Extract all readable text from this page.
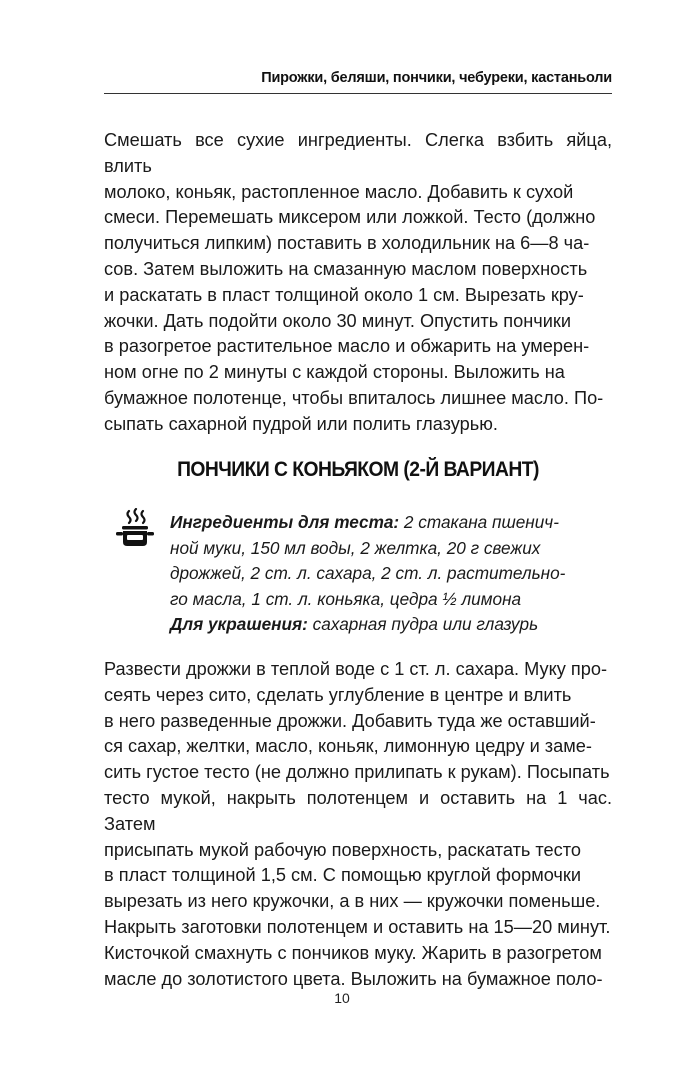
Пирожки, беляши, пончики, чебуреки, кастаньоли

Смешать все сухие ингредиенты. Слегка взбить яйца, влить

молоко, коньяк, растопленное масло. Добавить к сухой

смеси. Перемешать миксером или ложкой. Тесто (должно

получиться липким) поставить в холодильник на 6—8 ча-

сов. Затем выложить на смазанную маслом поверхность

и раскатать в пласт толщиной около 1 см. Вырезать кру-

жочки. Дать подойти около 30 минут. Опустить пончики

в разогретое растительное масло и обжарить на умерен-

ном огне по 2 минуты с каждой стороны. Выложить на

бумажное полотенце, чтобы впиталось лишнее масло. По-

сыпать сахарной пудрой или полить глазурью.

ПОНЧИКИ С КОНЬЯКОМ (2-Й ВАРИАНТ)
Ингредиенты для теста: 2 стакана пшенич-
ной муки, 150 мл воды, 2 желтка, 20 г свежих
дрожжей, 2 ст. л. сахара, 2 ст. л. растительно-
го масла, 1 ст. л. коньяка, цедра ½ лимона
Для украшения: сахарная пудра или глазурь

Развести дрожжи в теплой воде с 1 ст. л. сахара. Муку про-

сеять через сито, сделать углубление в центре и влить

в него разведенные дрожжи. Добавить туда же оставший-

ся сахар, желтки, масло, коньяк, лимонную цедру и заме-

сить густое тесто (не должно прилипать к рукам). Посыпать

тесто мукой, накрыть полотенцем и оставить на 1 час. Затем

присыпать мукой рабочую поверхность, раскатать тесто

в пласт толщиной 1,5 см. С помощью круглой формочки

вырезать из него кружочки, а в них — кружочки поменьше.

Накрыть заготовки полотенцем и оставить на 15—20 минут.

Кисточкой смахнуть с пончиков муку. Жарить в разогретом

масле до золотистого цвета. Выложить на бумажное поло-

10
